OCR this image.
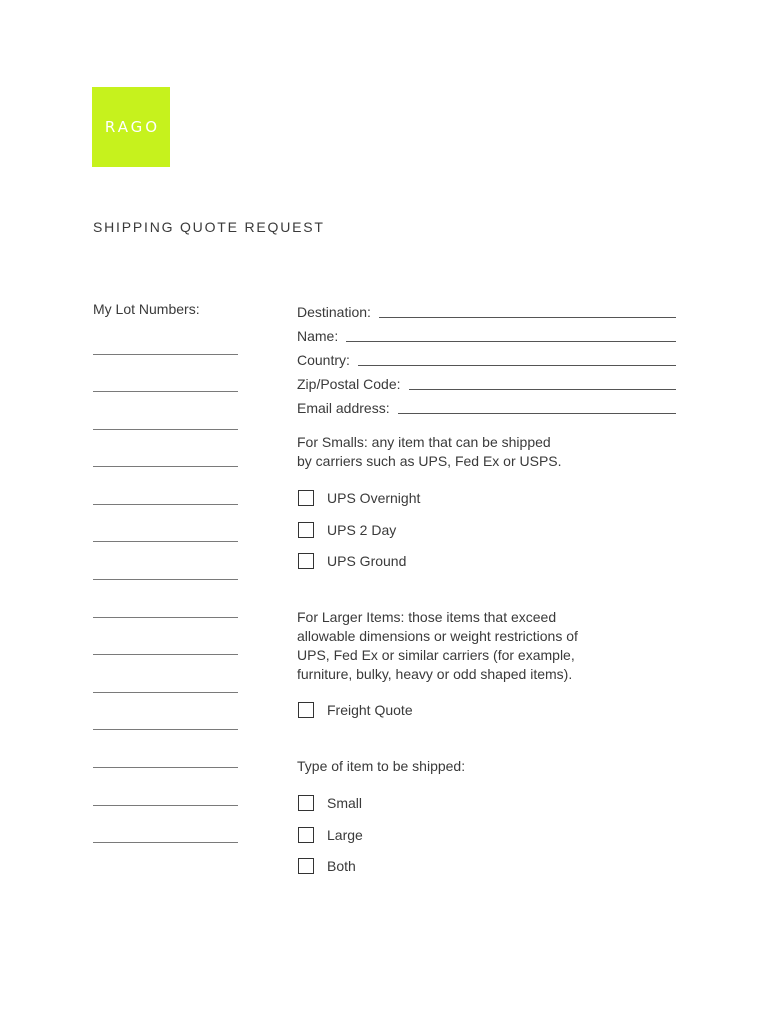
RAGO
SHIPPING QUOTE REQUEST
My Lot Numbers:	Destination:
Name:
Country:
Zip/Postal Code:
Email address:
For Smalls: any item that can be shipped
by carriers such as UPS, Fed Ex or USPS.
UPS Overnight
UPS 2 Day
UPS Ground
For Larger Items: those items that exceed
allowable dimensions or weight restrictions of
UPS, Fed Ex or similar carriers (for example,
furniture, bulky, heavy or odd shaped items).
Freight Quote
Type of item to be shipped:
Small
Large
Both
